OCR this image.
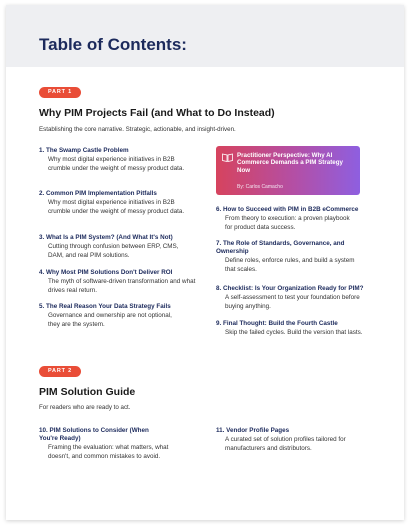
Table of Contents:
PART 1
Why PIM Projects Fail (and What to Do Instead)
Establishing the core narrative. Strategic, actionable, and insight-driven.
1. The Swamp Castle Problem
Why most digital experience initiatives in B2B crumble under the weight of messy product data.
2. Common PIM Implementation Pitfalls
Why most digital experience initiatives in B2B crumble under the weight of messy product data.
3. What Is a PIM System? (And What It's Not)
Cutting through confusion between ERP, CMS, DAM, and real PIM solutions.
4. Why Most PIM Solutions Don't Deliver ROI
The myth of software-driven transformation and what drives real return.
5. The Real Reason Your Data Strategy Fails
Governance and ownership are not optional, they are the system.
Practitioner Perspective: Why AI Commerce Demands a PIM Strategy Now
By: Carlos Camacho
6. How to Succeed with PIM in B2B eCommerce
From theory to execution: a proven playbook for product data success.
7. The Role of Standards, Governance, and Ownership
Define roles, enforce rules, and build a system that scales.
8. Checklist: Is Your Organization Ready for PIM?
A self-assessment to test your foundation before buying anything.
9. Final Thought: Build the Fourth Castle
Skip the failed cycles. Build the version that lasts.
PART 2
PIM Solution Guide
For readers who are ready to act.
10. PIM Solutions to Consider (When You're Ready)
Framing the evaluation: what matters, what doesn't, and common mistakes to avoid.
11. Vendor Profile Pages
A curated set of solution profiles tailored for manufacturers and distributors.
